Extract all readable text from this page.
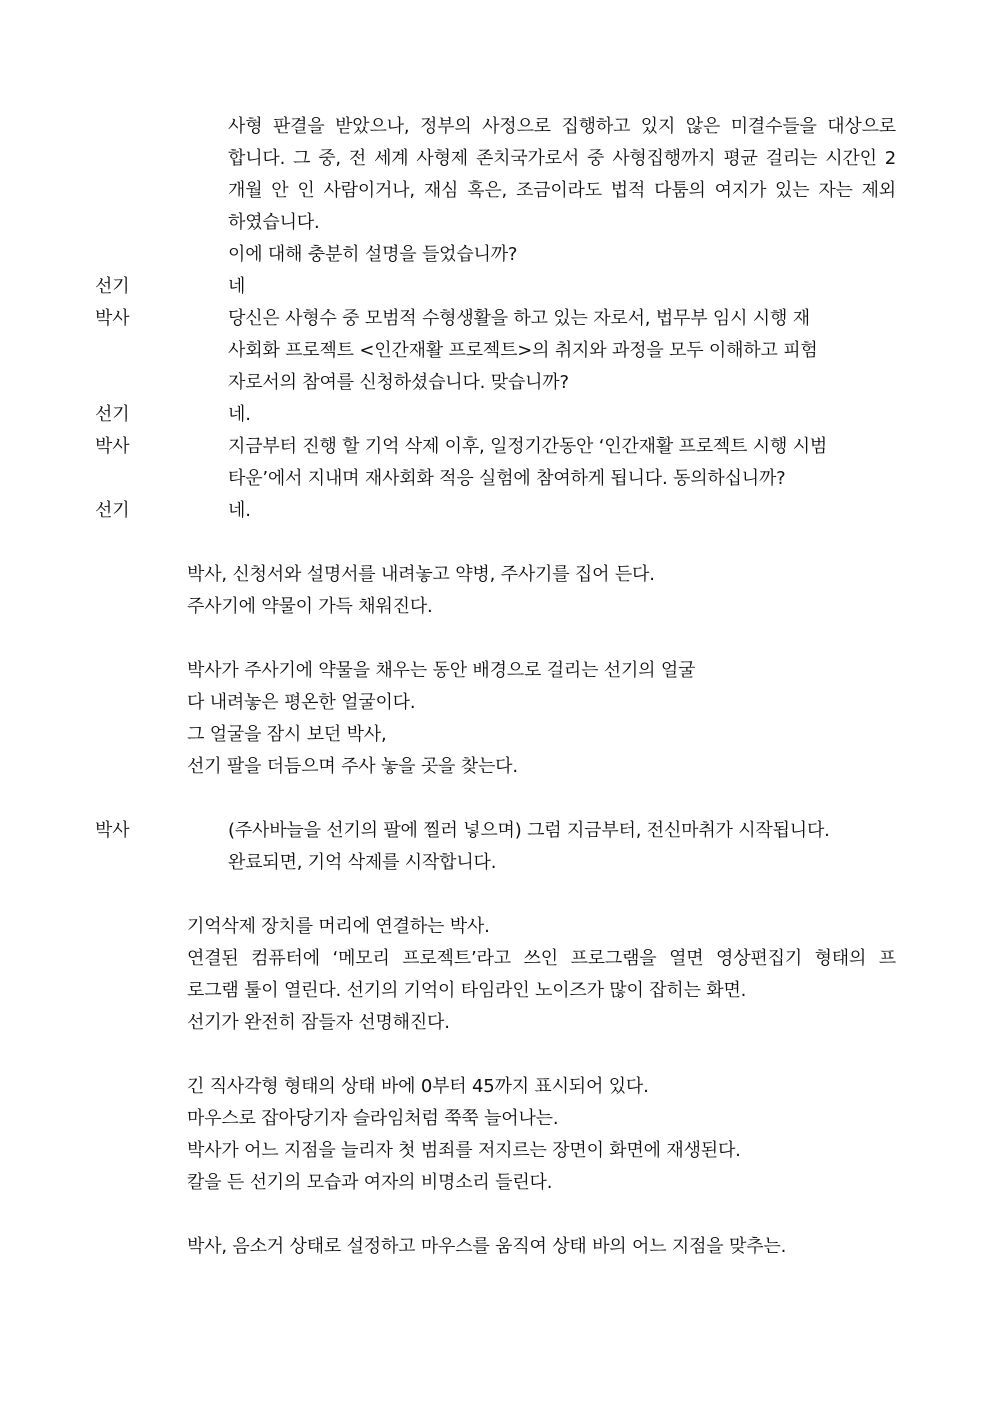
사형 판결을 받았으나, 정부의 사정으로 집행하고 있지 않은 미결수들을 대상으로
합니다. 그 중, 전 세계 사형제 존치국가로서 중 사형집행까지 평균 걸리는 시간인 2
개월 안 인 사람이거나, 재심 혹은, 조금이라도 법적 다툼의 여지가 있는 자는 제외
하였습니다.
이에 대해 충분히 설명을 들었습니까?
선기	네
박사	당신은 사형수 중 모범적 수형생활을 하고 있는 자로서, 법무부 임시 시행 재
사회화 프로젝트 <인간재활 프로젝트>의 취지와 과정을 모두 이해하고 피험
자로서의 참여를 신청하셨습니다. 맞습니까?
선기	네.
박사	지금부터 진행 할 기억 삭제 이후, 일정기간동안 ‘인간재활 프로젝트 시행 시범
타운’에서 지내며 재사회화 적응 실험에 참여하게 됩니다. 동의하십니까?
선기	네.
박사, 신청서와 설명서를 내려놓고 약병, 주사기를 집어 든다.
주사기에 약물이 가득 채워진다.
박사가 주사기에 약물을 채우는 동안 배경으로 걸리는 선기의 얼굴
다 내려놓은 평온한 얼굴이다.
그 얼굴을 잠시 보던 박사,
선기 팔을 더듬으며 주사 놓을 곳을 찾는다.
박사	(주사바늘을 선기의 팔에 찔러 넣으며) 그럼 지금부터, 전신마취가 시작됩니다.
완료되면, 기억 삭제를 시작합니다.
기억삭제 장치를 머리에 연결하는 박사.
연결된 컴퓨터에 ‘메모리 프로젝트’라고 쓰인 프로그램을 열면 영상편집기 형태의 프
로그램 툴이 열린다. 선기의 기억이 타임라인 노이즈가 많이 잡히는 화면.
선기가 완전히 잠들자 선명해진다.
긴 직사각형 형태의 상태 바에 0부터 45까지 표시되어 있다.
마우스로 잡아당기자 슬라임처럼 쭉쭉 늘어나는.
박사가 어느 지점을 늘리자 첫 범죄를 저지르는 장면이 화면에 재생된다.
칼을 든 선기의 모습과 여자의 비명소리 들린다.
박사, 음소거 상태로 설정하고 마우스를 움직여 상태 바의 어느 지점을 맞추는.
